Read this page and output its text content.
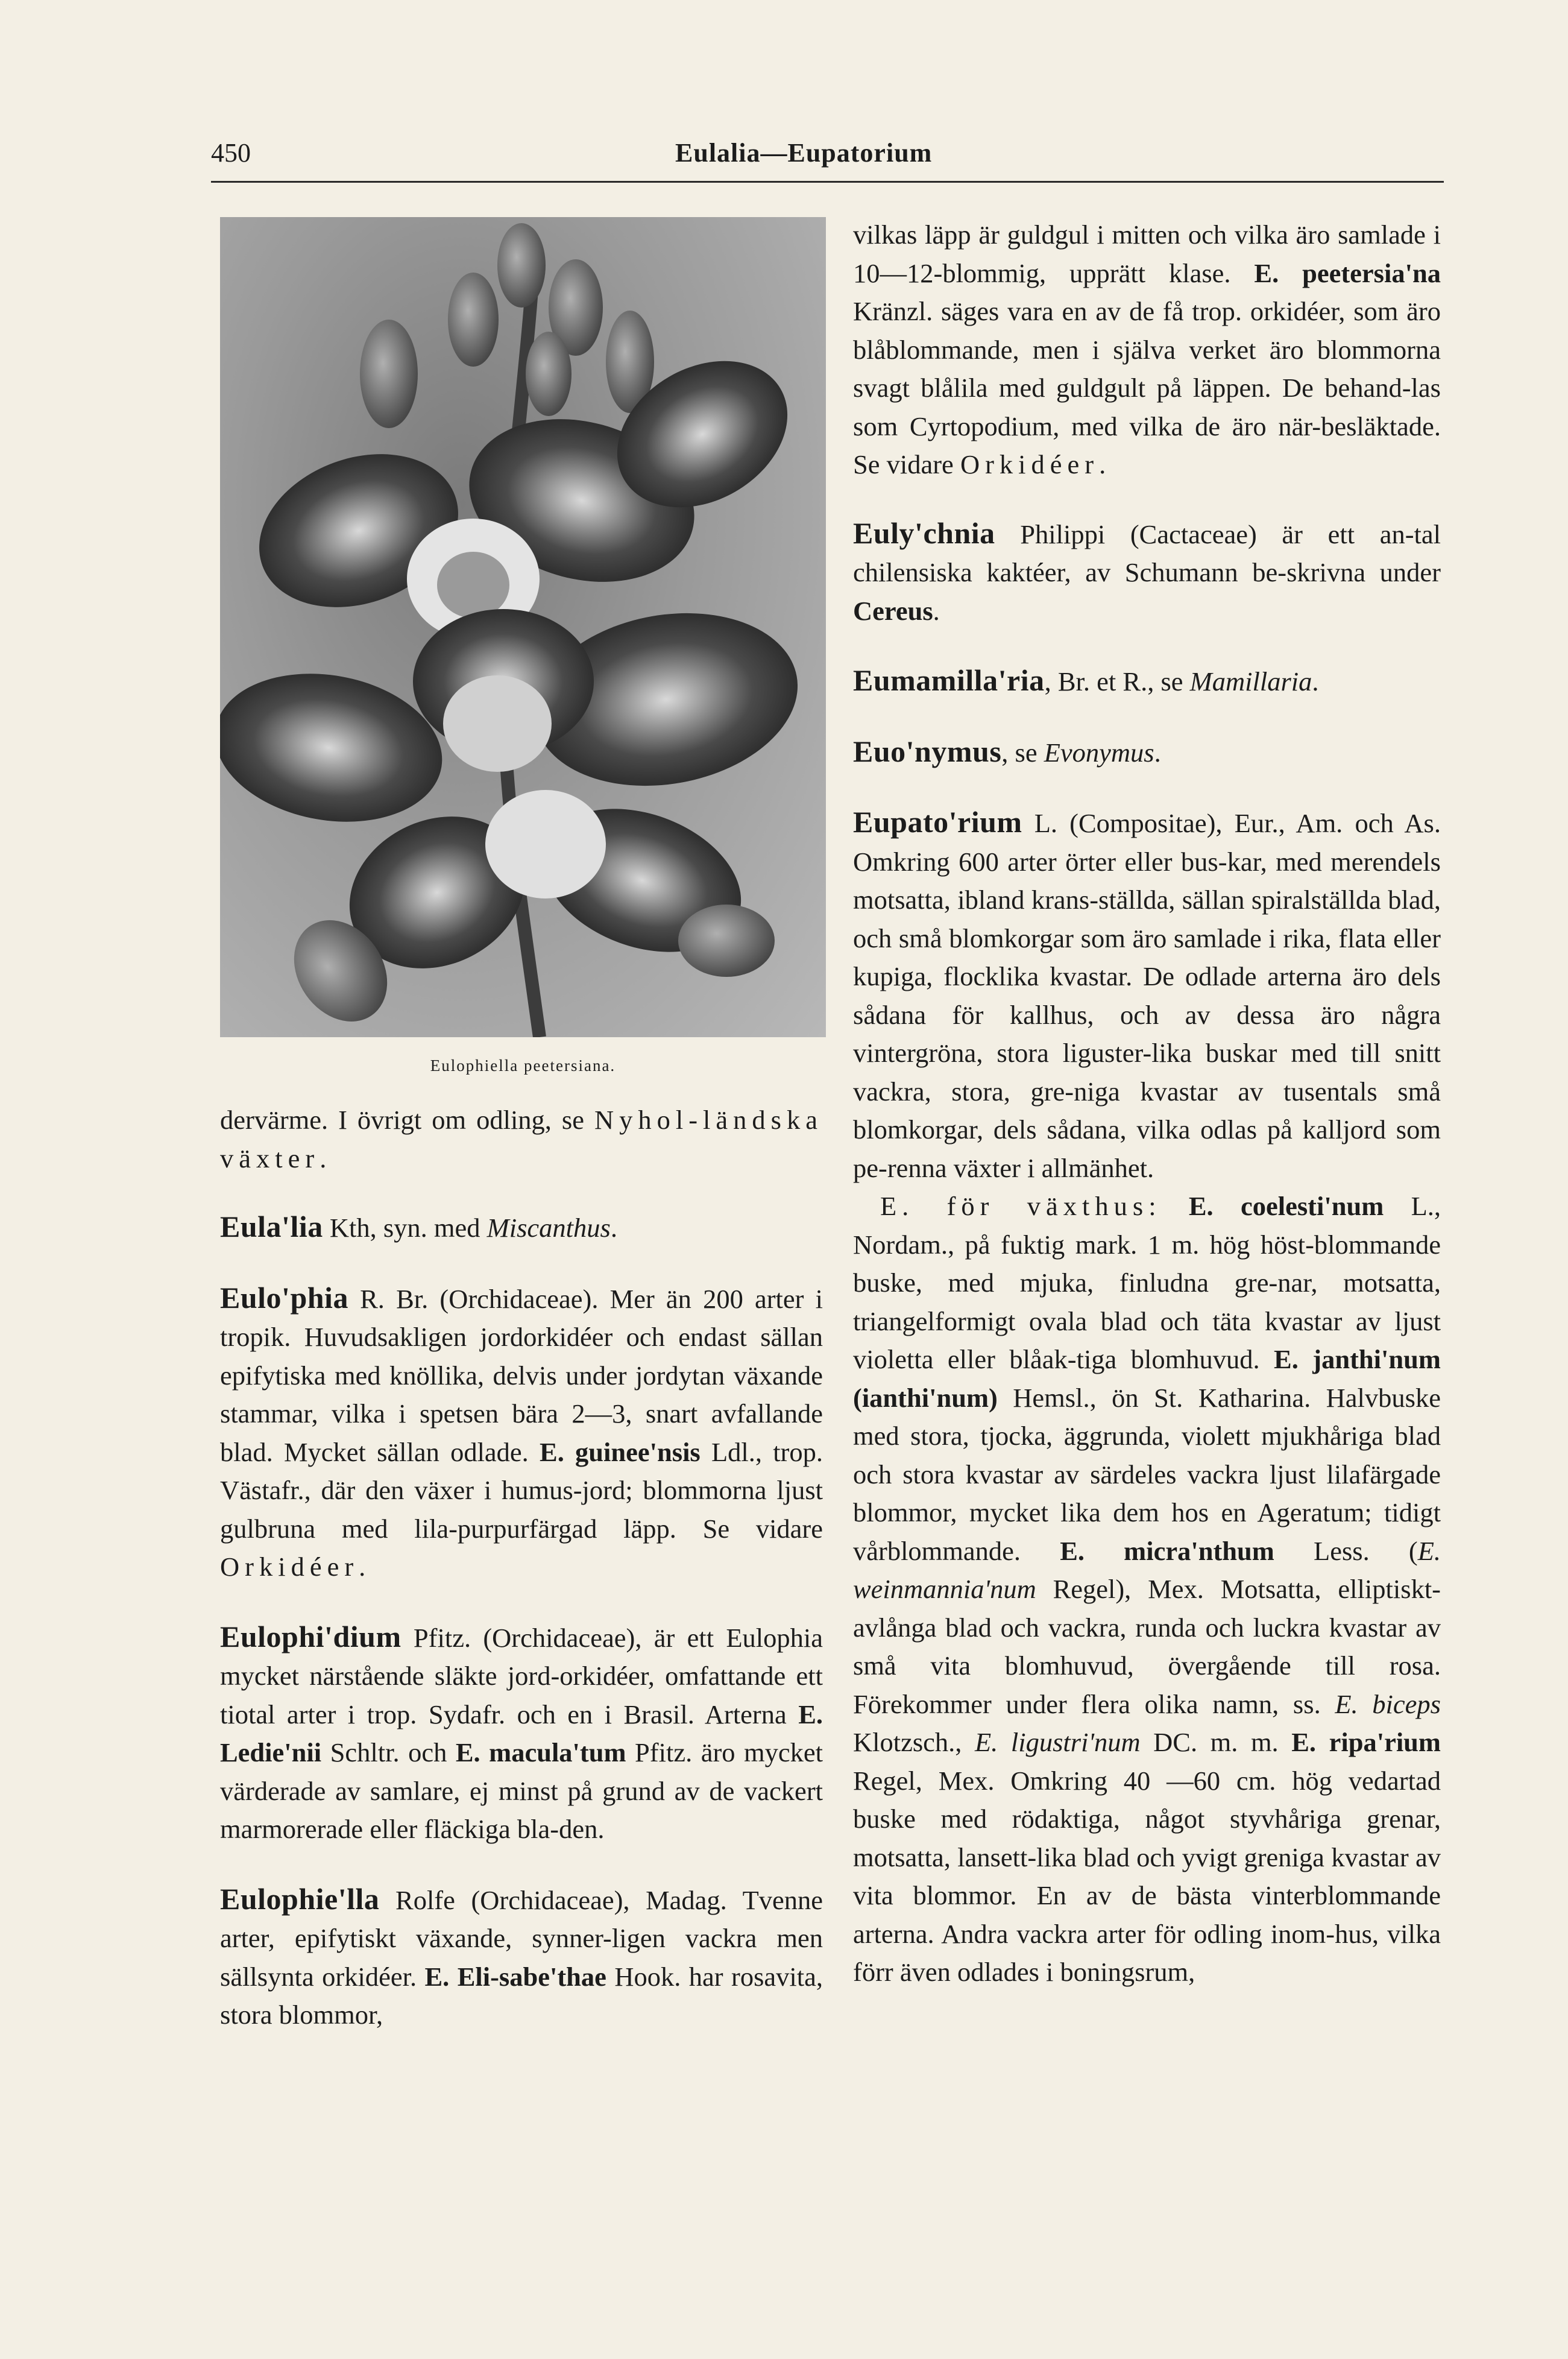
450	Eulalia—Eupatorium
Eulophiella peetersiana.

dervärme. I övrigt om odling, se Nyhol-ländska växter.

Eula'lia Kth, syn. med Miscanthus.

Eulo'phia R. Br. (Orchidaceae). Mer än 200 arter i tropik. Huvudsakligen jordorkidéer och endast sällan epifytiska med knöllika, delvis under jordytan växande stammar, vilka i spetsen bära 2—3, snart avfallande blad. Mycket sällan odlade. E. guinee'nsis Ldl., trop. Västafr., där den växer i humus-jord; blommorna ljust gulbruna med lila-purpurfärgad läpp. Se vidare Orkidéer.

Eulophi'dium Pfitz. (Orchidaceae), är ett Eulophia mycket närstående släkte jord-orkidéer, omfattande ett tiotal arter i trop. Sydafr. och en i Brasil. Arterna E. Ledie'nii Schltr. och E. macula'tum Pfitz. äro mycket värderade av samlare, ej minst på grund av de vackert marmorerade eller fläckiga bla-den.

Eulophie'lla Rolfe (Orchidaceae), Madag. Tvenne arter, epifytiskt växande, synner-ligen vackra men sällsynta orkidéer. E. Eli-sabe'thae Hook. har rosavita, stora blommor,

vilkas läpp är guldgul i mitten och vilka äro samlade i 10—12-blommig, upprätt klase. E. peetersia'na Kränzl. säges vara en av de få trop. orkidéer, som äro blåblommande, men i själva verket äro blommorna svagt blålila med guldgult på läppen. De behand-las som Cyrtopodium, med vilka de äro när-besläktade. Se vidare Orkidéer.

Euly'chnia Philippi (Cactaceae) är ett an-tal chilensiska kaktéer, av Schumann be-skrivna under Cereus.

Eumamilla'ria, Br. et R., se Mamillaria.

Euo'nymus, se Evonymus.

Eupato'rium L. (Compositae), Eur., Am. och As. Omkring 600 arter örter eller bus-kar, med merendels motsatta, ibland krans-ställda, sällan spiralställda blad, och små blomkorgar som äro samlade i rika, flata eller kupiga, flocklika kvastar. De odlade arterna äro dels sådana för kallhus, och av dessa äro några vintergröna, stora liguster-lika buskar med till snitt vackra, stora, gre-niga kvastar av tusentals små blomkorgar, dels sådana, vilka odlas på kalljord som pe-renna växter i allmänhet.

E. för växthus: E. coelesti'num L., Nordam., på fuktig mark. 1 m. hög höst-blommande buske, med mjuka, finludna gre-nar, motsatta, triangelformigt ovala blad och täta kvastar av ljust violetta eller blåak-tiga blomhuvud. E. janthi'num (ianthi'num) Hemsl., ön St. Katharina. Halvbuske med stora, tjocka, äggrunda, violett mjukhåriga blad och stora kvastar av särdeles vackra ljust lilafärgade blommor, mycket lika dem hos en Ageratum; tidigt vårblommande. E. micra'nthum Less. (E. weinmannia'num Regel), Mex. Motsatta, elliptiskt-avlånga blad och vackra, runda och luckra kvastar av små vita blomhuvud, övergående till rosa. Förekommer under flera olika namn, ss. E. biceps Klotzsch., E. ligustri'num DC. m. m. E. ripa'rium Regel, Mex. Omkring 40 —60 cm. hög vedartad buske med rödaktiga, något styvhåriga grenar, motsatta, lansett-lika blad och yvigt greniga kvastar av vita blommor. En av de bästa vinterblommande arterna. Andra vackra arter för odling inom-hus, vilka förr även odlades i boningsrum,
